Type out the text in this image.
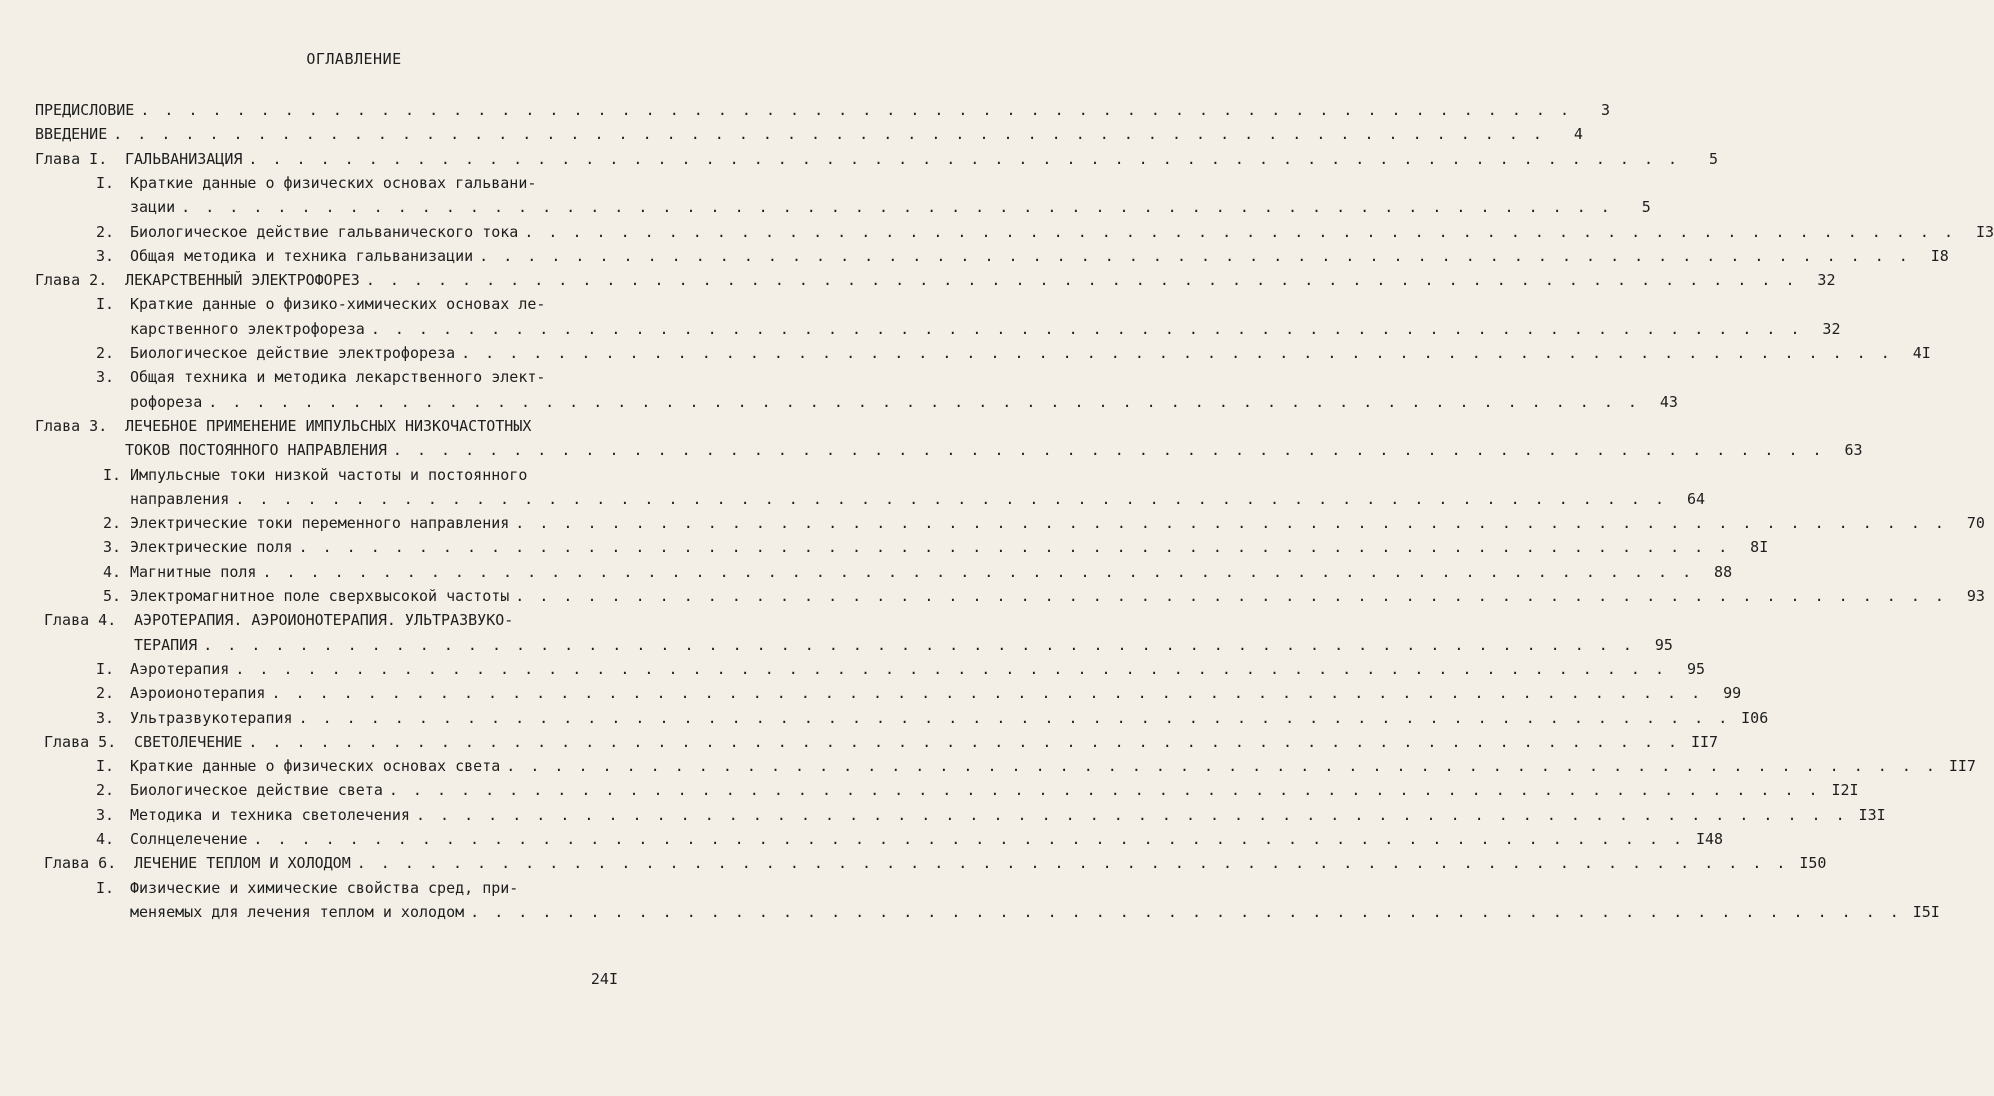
ОГЛАВЛЕНИЕ
ПРЕДИСЛОВИЕ . . . . . . . . . . . . . . . . . . . . . . . . . . . . . . . . . . . . . . . . . . . . . . . . . . . . . . . . . . . .	3
ВВЕДЕНИЕ . . . . . . . . . . . . . . . . . . . . . . . . . . . . . . . . . . . . . . . . . . . . . . . . . . . . . . . . . . . .	4
Глава I. ГАЛЬВАНИЗАЦИЯ . . . . . . . . . . . . . . . . . . . . . . . . . . . . . . . . . . . . . . . . . . . . . . . . . . . . . . . . . . . .	5
I. Краткие данные о физических основах гальвани-
зации . . . . . . . . . . . . . . . . . . . . . . . . . . . . . . . . . . . . . . . . . . . . . . . . . . . . . . . . . . . .	5
2. Биологическое действие гальванического тока . . . . . . . . . . . . . . . . . . . . . . . . . . . . . . . . . . . . . . . . . . . . . . . . . . . . . . . . . . . .	I3
3. Общая методика и техника гальванизации . . . . . . . . . . . . . . . . . . . . . . . . . . . . . . . . . . . . . . . . . . . . . . . . . . . . . . . . . . . .	I8
Глава 2. ЛЕКАРСТВЕННЫЙ ЭЛЕКТРОФОРЕЗ . . . . . . . . . . . . . . . . . . . . . . . . . . . . . . . . . . . . . . . . . . . . . . . . . . . . . . . . . . . .	32
I. Краткие данные о физико-химических основах ле-
карственного электрофореза . . . . . . . . . . . . . . . . . . . . . . . . . . . . . . . . . . . . . . . . . . . . . . . . . . . . . . . . . . . .	32
2. Биологическое действие электрофореза . . . . . . . . . . . . . . . . . . . . . . . . . . . . . . . . . . . . . . . . . . . . . . . . . . . . . . . . . . . .	4I
3. Общая техника и методика лекарственного элект-
рофореза . . . . . . . . . . . . . . . . . . . . . . . . . . . . . . . . . . . . . . . . . . . . . . . . . . . . . . . . . . . .	43
Глава 3. ЛЕЧЕБНОЕ ПРИМЕНЕНИЕ ИМПУЛЬСНЫХ НИЗКОЧАСТОТНЫХ
ТОКОВ ПОСТОЯННОГО НАПРАВЛЕНИЯ . . . . . . . . . . . . . . . . . . . . . . . . . . . . . . . . . . . . . . . . . . . . . . . . . . . . . . . . . . . .	63
I. Импульсные токи низкой частоты и постоянного
направления . . . . . . . . . . . . . . . . . . . . . . . . . . . . . . . . . . . . . . . . . . . . . . . . . . . . . . . . . . . .	64
2. Электрические токи переменного направления . . . . . . . . . . . . . . . . . . . . . . . . . . . . . . . . . . . . . . . . . . . . . . . . . . . . . . . . . . . .	70
3. Электрические поля . . . . . . . . . . . . . . . . . . . . . . . . . . . . . . . . . . . . . . . . . . . . . . . . . . . . . . . . . . . .	8I
4. Магнитные поля . . . . . . . . . . . . . . . . . . . . . . . . . . . . . . . . . . . . . . . . . . . . . . . . . . . . . . . . . . . .	88
5. Электромагнитное поле сверхвысокой частоты . . . . . . . . . . . . . . . . . . . . . . . . . . . . . . . . . . . . . . . . . . . . . . . . . . . . . . . . . . . .	93
Глава 4. АЭРОТЕРАПИЯ. АЭРОИОНОТЕРАПИЯ. УЛЬТРАЗВУКО-
ТЕРАПИЯ . . . . . . . . . . . . . . . . . . . . . . . . . . . . . . . . . . . . . . . . . . . . . . . . . . . . . . . . . . . .	95
I. Аэротерапия . . . . . . . . . . . . . . . . . . . . . . . . . . . . . . . . . . . . . . . . . . . . . . . . . . . . . . . . . . . .	95
2. Аэроионотерапия . . . . . . . . . . . . . . . . . . . . . . . . . . . . . . . . . . . . . . . . . . . . . . . . . . . . . . . . . . . .	99
3. Ультразвукотерапия . . . . . . . . . . . . . . . . . . . . . . . . . . . . . . . . . . . . . . . . . . . . . . . . . . . . . . . . . . . . I06
Глава 5. СВЕТОЛЕЧЕНИЕ . . . . . . . . . . . . . . . . . . . . . . . . . . . . . . . . . . . . . . . . . . . . . . . . . . . . . . . . . . . . II7
I. Краткие данные о физических основах света . . . . . . . . . . . . . . . . . . . . . . . . . . . . . . . . . . . . . . . . . . . . . . . . . . . . . . . . . . . . II7
2. Биологическое действие света . . . . . . . . . . . . . . . . . . . . . . . . . . . . . . . . . . . . . . . . . . . . . . . . . . . . . . . . . . . . I2I
3. Методика и техника светолечения . . . . . . . . . . . . . . . . . . . . . . . . . . . . . . . . . . . . . . . . . . . . . . . . . . . . . . . . . . . . I3I
4. Солнцелечение . . . . . . . . . . . . . . . . . . . . . . . . . . . . . . . . . . . . . . . . . . . . . . . . . . . . . . . . . . . . I48
Глава 6. ЛЕЧЕНИЕ ТЕПЛОМ И ХОЛОДОМ . . . . . . . . . . . . . . . . . . . . . . . . . . . . . . . . . . . . . . . . . . . . . . . . . . . . . . . . . . . . I50
I. Физические и химические свойства сред, при-
меняемых для лечения теплом и холодом . . . . . . . . . . . . . . . . . . . . . . . . . . . . . . . . . . . . . . . . . . . . . . . . . . . . . . . . . . . . I5I
24I
